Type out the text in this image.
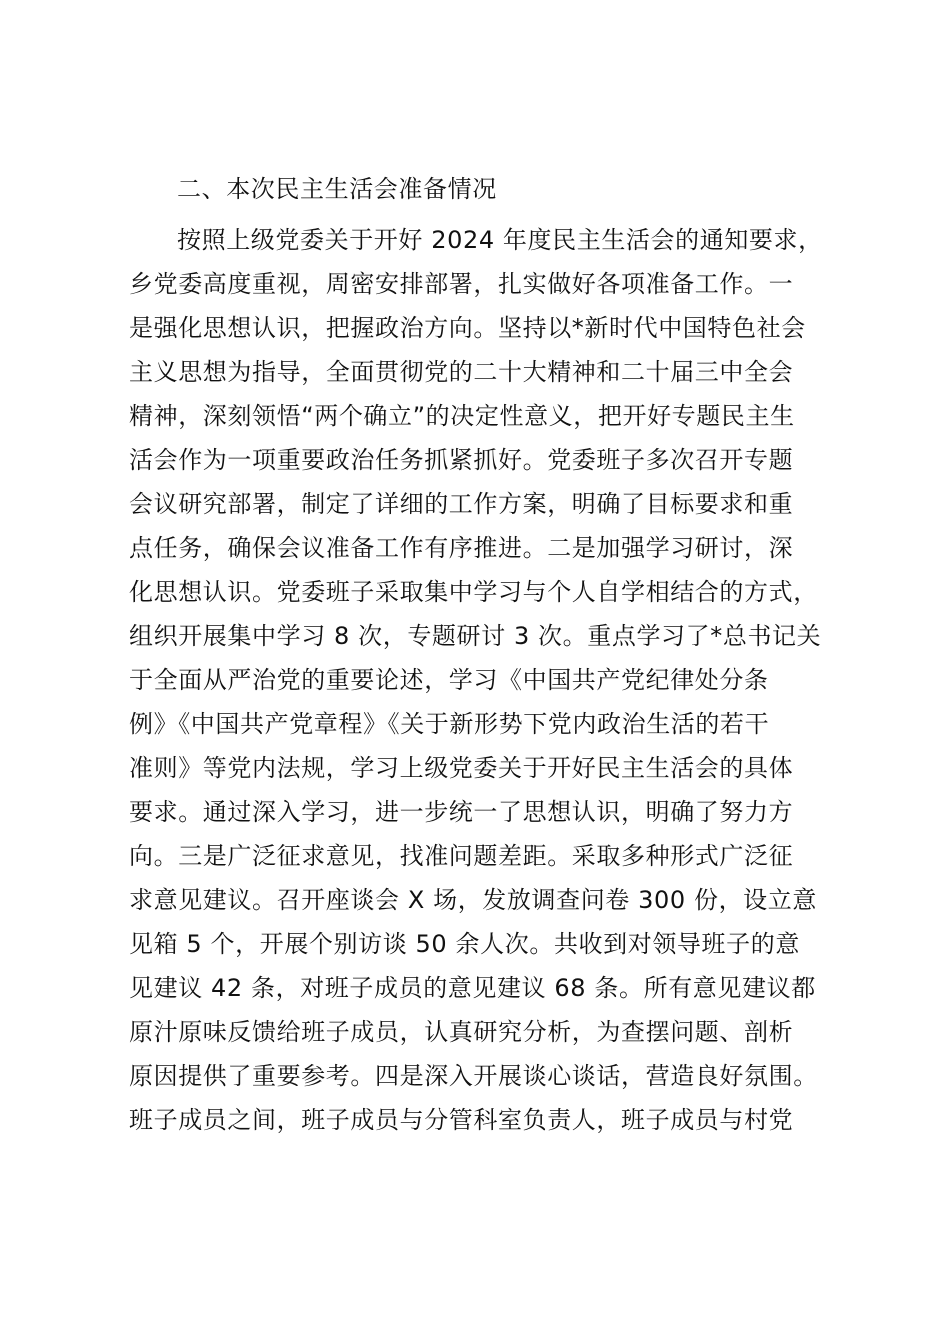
二、本次民主生活会准备情况
按照上级党委关于开好 2024 年度民主生活会的通知要求，
乡党委高度重视，周密安排部署，扎实做好各项准备工作。一
是强化思想认识，把握政治方向。坚持以*新时代中国特色社会
主义思想为指导，全面贯彻党的二十大精神和二十届三中全会
精神，深刻领悟“两个确立”的决定性意义，把开好专题民主生
活会作为一项重要政治任务抓紧抓好。党委班子多次召开专题
会议研究部署，制定了详细的工作方案，明确了目标要求和重
点任务，确保会议准备工作有序推进。二是加强学习研讨，深
化思想认识。党委班子采取集中学习与个人自学相结合的方式，
组织开展集中学习 8 次，专题研讨 3 次。重点学习了*总书记关
于全面从严治党的重要论述，学习《中国共产党纪律处分条
例》《中国共产党章程》《关于新形势下党内政治生活的若干
准则》等党内法规，学习上级党委关于开好民主生活会的具体
要求。通过深入学习，进一步统一了思想认识，明确了努力方
向。三是广泛征求意见，找准问题差距。采取多种形式广泛征
求意见建议。召开座谈会 X 场，发放调查问卷 300 份，设立意
见箱 5 个，开展个别访谈 50 余人次。共收到对领导班子的意
见建议 42 条，对班子成员的意见建议 68 条。所有意见建议都
原汁原味反馈给班子成员，认真研究分析，为查摆问题、剖析
原因提供了重要参考。四是深入开展谈心谈话，营造良好氛围。
班子成员之间，班子成员与分管科室负责人，班子成员与村党
